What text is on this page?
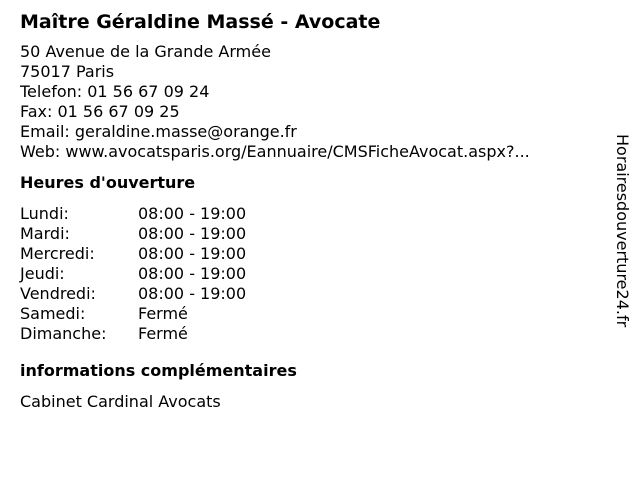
Maître Géraldine Massé - Avocate
50 Avenue de la Grande Armée
75017 Paris
Telefon: 01 56 67 09 24
Fax: 01 56 67 09 25
Email: geraldine.masse@orange.fr
Web: www.avocatsparis.org/Eannuaire/CMSFicheAvocat.aspx?...
Heures d'ouverture
Lundi:	08:00 - 19:00
Mardi:	08:00 - 19:00
Mercredi:	08:00 - 19:00
Jeudi:	08:00 - 19:00
Vendredi:	08:00 - 19:00
Samedi:	Fermé
Dimanche:	Fermé
informations complémentaires
Cabinet Cardinal Avocats
Horairesdouverture24.fr
